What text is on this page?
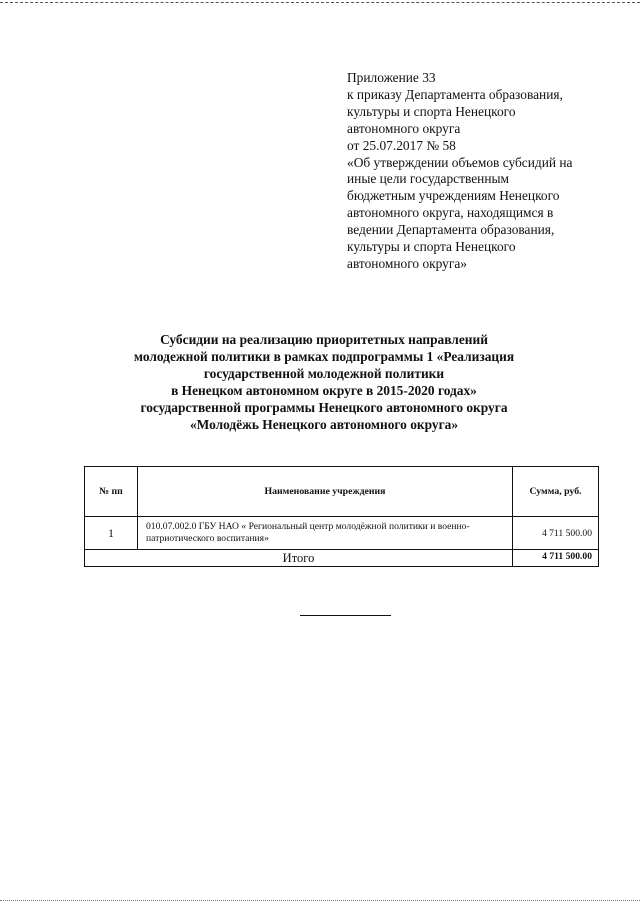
Приложение 33
к приказу Департамента образования,
культуры и спорта Ненецкого
автономного округа
от 25.07.2017 № 58
«Об утверждении объемов субсидий на
иные цели государственным
бюджетным учреждениям Ненецкого
автономного округа, находящимся в
ведении Департамента образования,
культуры и спорта Ненецкого
автономного округа»
Субсидии на реализацию приоритетных направлений
молодежной политики в рамках подпрограммы 1 «Реализация
государственной молодежной политики
в Ненецком автономном округе в 2015-2020 годах»
государственной программы Ненецкого автономного округа
«Молодёжь Ненецкого автономного округа»
№ пп	Наименование учреждения	Сумма, руб.
1	010.07.002.0 ГБУ НАО « Региональный центр молодёжной политики и военно-патриотического воспитания»	4 711 500.00
Итого		4 711 500.00
